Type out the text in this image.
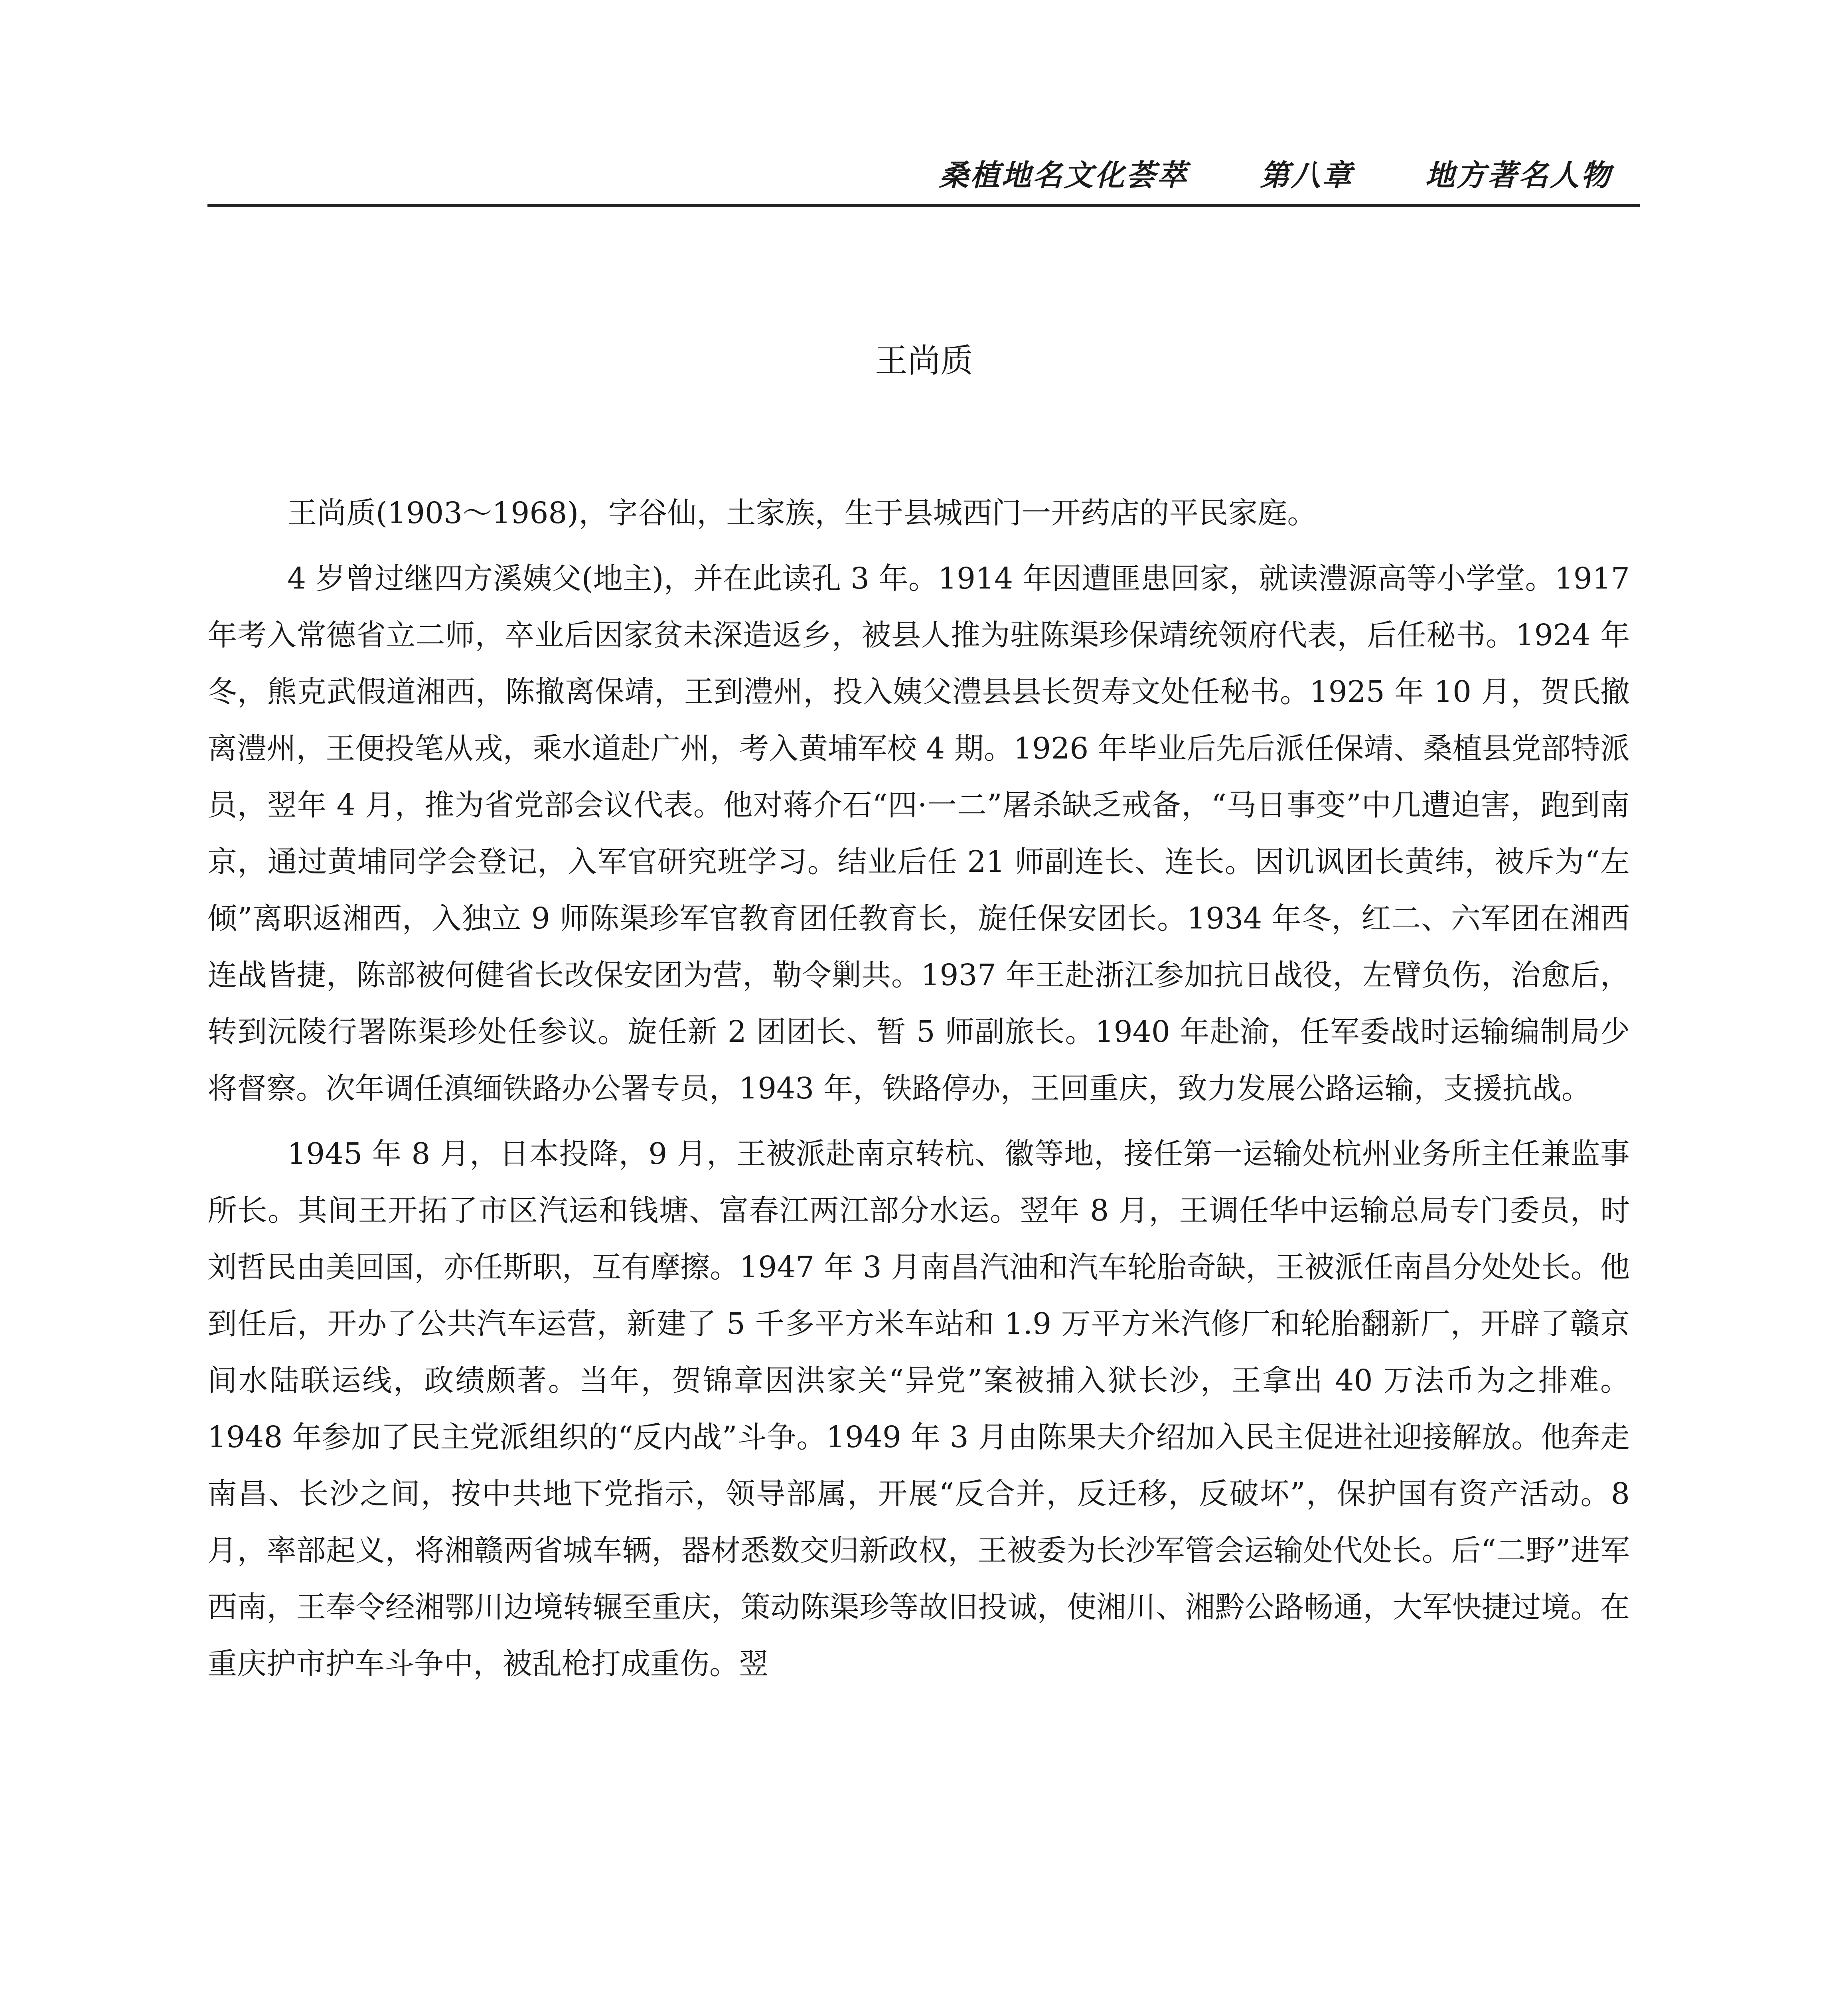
桑植地名文化荟萃 第八章 地方著名人物
王尚质

王尚质(1903～1968)，字谷仙，土家族，生于县城西门一开药店的平民家庭。

4 岁曾过继四方溪姨父(地主)，并在此读孔 3 年。1914 年因遭匪患回家，就读澧源高等小学堂。1917 年考入常德省立二师，卒业后因家贫未深造返乡，被县人推为驻陈渠珍保靖统领府代表，后任秘书。1924 年冬，熊克武假道湘西，陈撤离保靖，王到澧州，投入姨父澧县县长贺寿文处任秘书。1925 年 10 月，贺氏撤离澧州，王便投笔从戎，乘水道赴广州，考入黄埔军校 4 期。1926 年毕业后先后派任保靖、桑植县党部特派员，翌年 4 月，推为省党部会议代表。他对蒋介石“四·一二”屠杀缺乏戒备，“马日事变”中几遭迫害，跑到南京，通过黄埔同学会登记，入军官研究班学习。结业后任 21 师副连长、连长。因讥讽团长黄纬，被斥为“左倾”离职返湘西，入独立 9 师陈渠珍军官教育团任教育长，旋任保安团长。1934 年冬，红二、六军团在湘西连战皆捷，陈部被何健省长改保安团为营，勒令剿共。1937 年王赴浙江参加抗日战役，左臂负伤，治愈后，转到沅陵行署陈渠珍处任参议。旋任新 2 团团长、暂 5 师副旅长。1940 年赴渝，任军委战时运输编制局少将督察。次年调任滇缅铁路办公署专员，1943 年，铁路停办，王回重庆，致力发展公路运输，支援抗战。

1945 年 8 月，日本投降，9 月，王被派赴南京转杭、徽等地，接任第一运输处杭州业务所主任兼监事所长。其间王开拓了市区汽运和钱塘、富春江两江部分水运。翌年 8 月，王调任华中运输总局专门委员，时刘哲民由美回国，亦任斯职，互有摩擦。1947 年 3 月南昌汽油和汽车轮胎奇缺，王被派任南昌分处处长。他到任后，开办了公共汽车运营，新建了 5 千多平方米车站和 1.9 万平方米汽修厂和轮胎翻新厂，开辟了赣京间水陆联运线，政绩颇著。当年，贺锦章因洪家关“异党”案被捕入狱长沙，王拿出 40 万法币为之排难。1948 年参加了民主党派组织的“反内战”斗争。1949 年 3 月由陈果夫介绍加入民主促进社迎接解放。他奔走南昌、长沙之间，按中共地下党指示，领导部属，开展“反合并，反迁移，反破坏”，保护国有资产活动。8 月，率部起义，将湘赣两省城车辆，器材悉数交归新政权，王被委为长沙军管会运输处代处长。后“二野”进军西南，王奉令经湘鄂川边境转辗至重庆，策动陈渠珍等故旧投诚，使湘川、湘黔公路畅通，大军快捷过境。在重庆护市护车斗争中，被乱枪打成重伤。翌
